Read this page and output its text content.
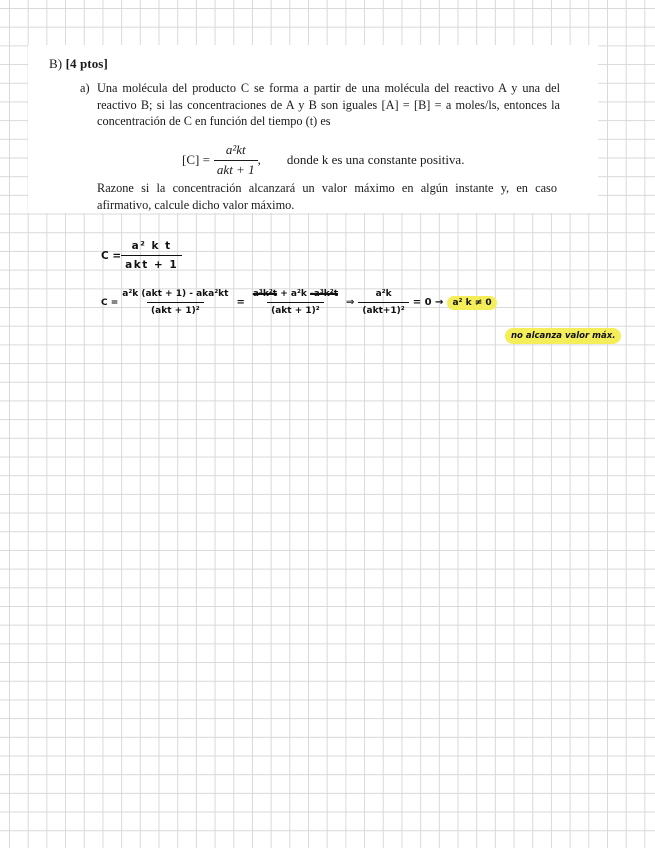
B) [4 ptos]
a) Una molécula del producto C se forma a partir de una molécula del reactivo A y una del reactivo B; si las concentraciones de A y B son iguales [A] = [B] = a moles/ls, entonces la concentración de C en función del tiempo (t) es
$[C] = \frac{\text{a²kt}}{\text{akt + 1}}$ , donde k es una constante positiva.
Razone si la concentración alcanzará un valor máximo en algún instante y, en caso afirmativo, calcule dicho valor máximo.
C =
a² k t
akt + 1
C =
a²k (akt + 1) - aka²kt
(akt + 1)²
=
a³k²t + a²k -a³k²t
(akt + 1)²
⇒
a²k
(akt+1)²
= 0 →	a² k ≠ 0
no alcanza valor máx.
